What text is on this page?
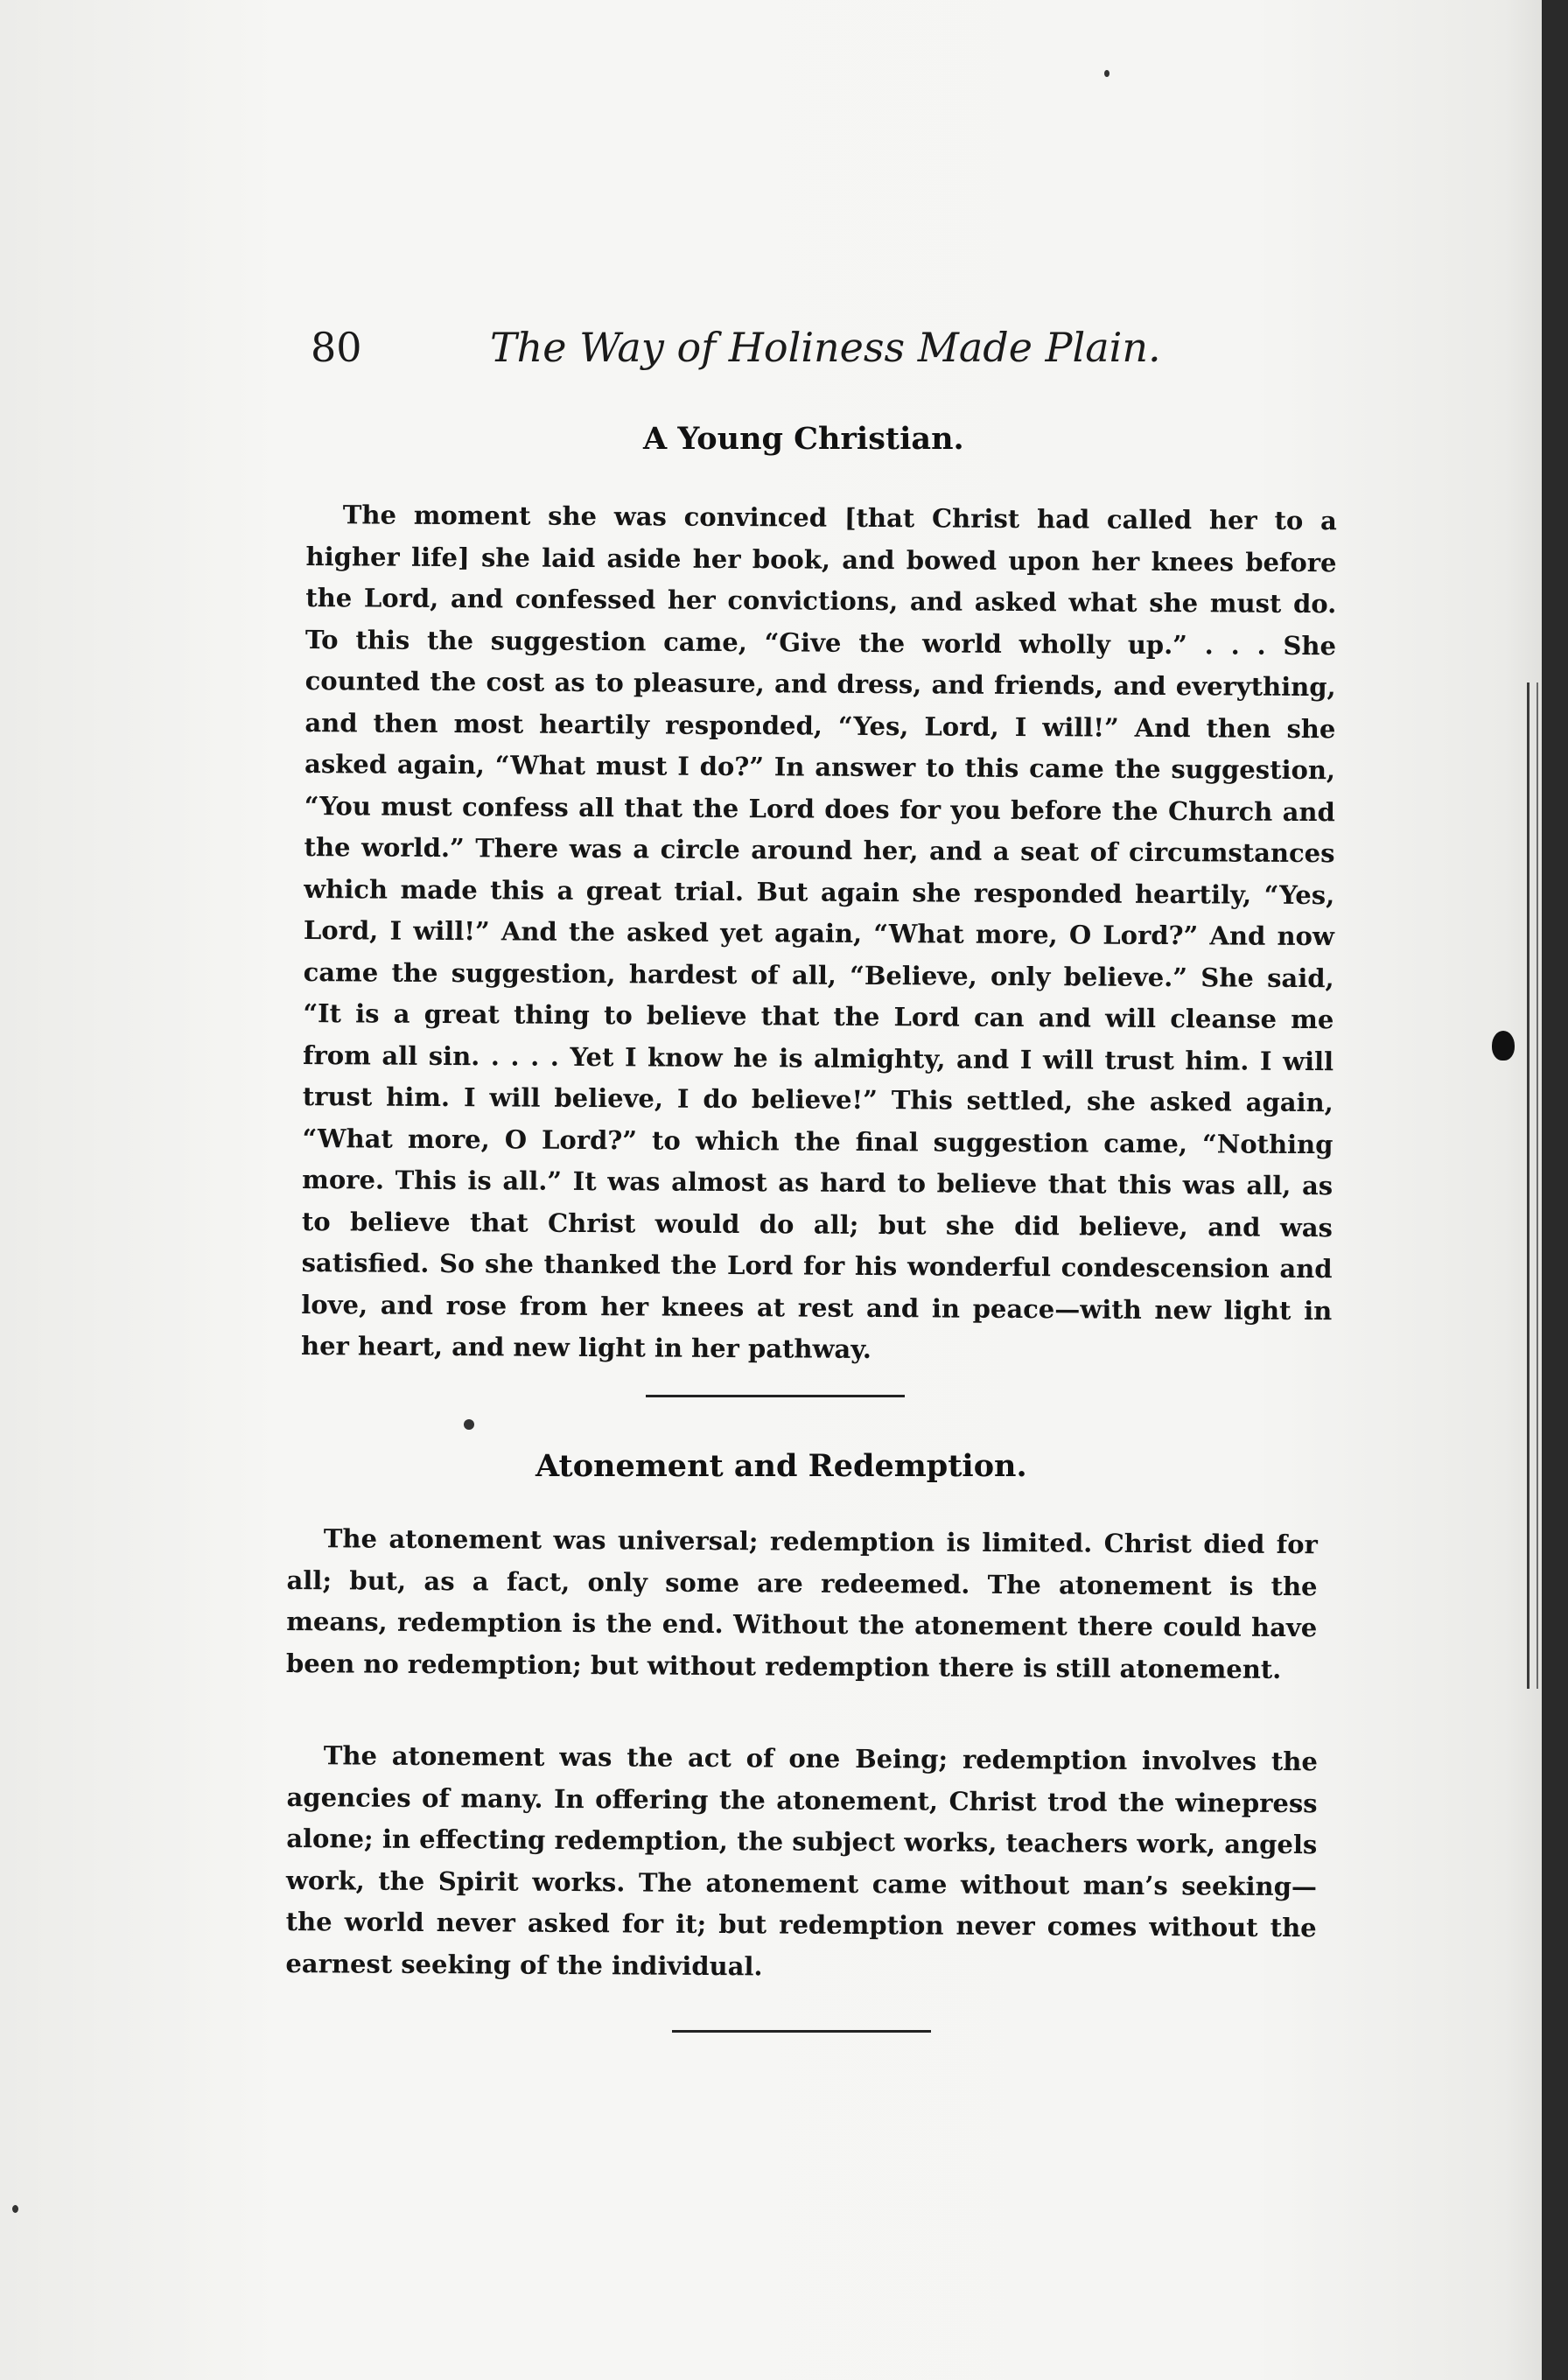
80	The Way of Holiness Made Plain.
A Young Christian.
The moment she was convinced [that Christ had called her to a higher life] she laid aside her book, and bowed upon her knees before the Lord, and confessed her convictions, and asked what she must do. To this the suggestion came, “Give the world wholly up.” . . . She counted the cost as to pleasure, and dress, and friends, and everything, and then most heartily responded, “Yes, Lord, I will!” And then she asked again, “What must I do?” In answer to this came the suggestion, “You must confess all that the Lord does for you before the Church and the world.” There was a circle around her, and a seat of circumstances which made this a great trial. But again she responded heartily, “Yes, Lord, I will!” And the asked yet again, “What more, O Lord?” And now came the suggestion, hardest of all, “Believe, only believe.” She said, “It is a great thing to believe that the Lord can and will cleanse me from all sin. . . . . Yet I know he is almighty, and I will trust him. I will trust him. I will believe, I do believe!” This settled, she asked again, “What more, O Lord?” to which the final suggestion came, “Nothing more. This is all.” It was almost as hard to believe that this was all, as to believe that Christ would do all; but she did believe, and was satisfied. So she thanked the Lord for his wonderful condescension and love, and rose from her knees at rest and in peace—with new light in her heart, and new light in her pathway.
Atonement and Redemption.
The atonement was universal; redemption is limited. Christ died for all; but, as a fact, only some are redeemed. The atonement is the means, redemption is the end. Without the atonement there could have been no redemption; but without redemption there is still atonement.
The atonement was the act of one Being; redemption involves the agencies of many. In offering the atonement, Christ trod the winepress alone; in effecting redemption, the subject works, teachers work, angels work, the Spirit works. The atonement came without man’s seeking—the world never asked for it; but redemption never comes without the earnest seeking of the individual.
